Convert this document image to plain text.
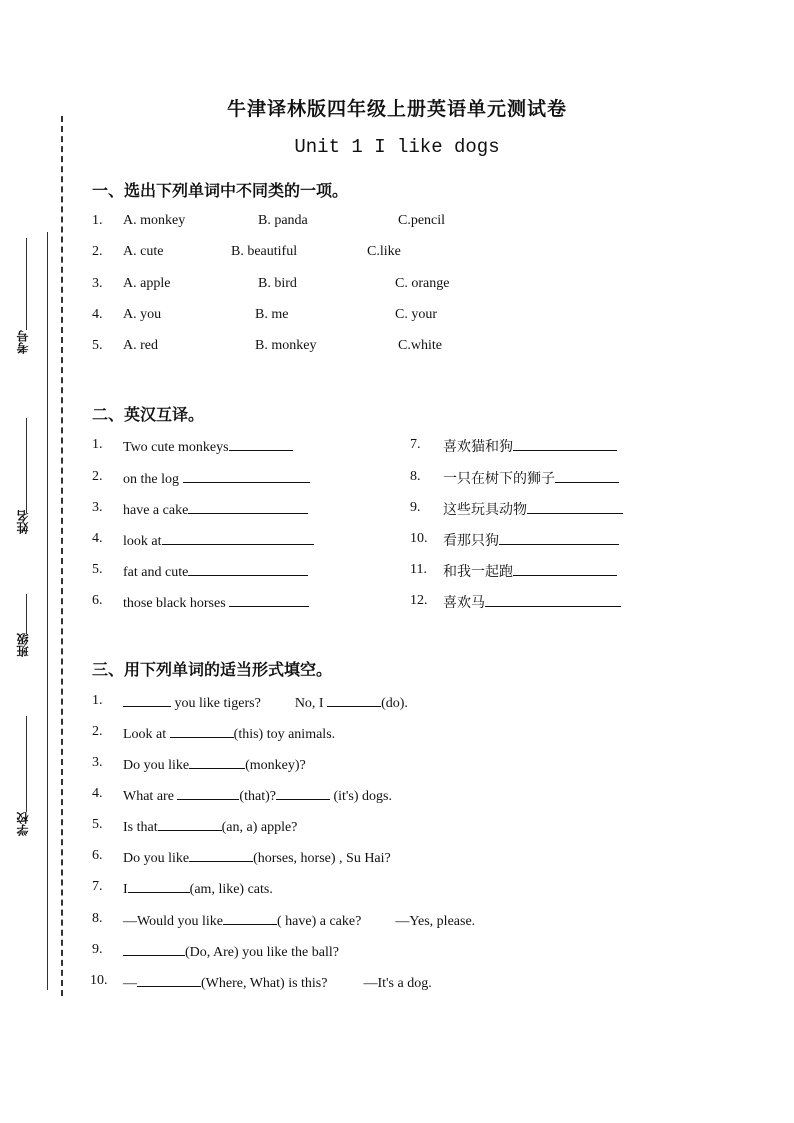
考号
姓名
班级
学校
牛津译林版四年级上册英语单元测试卷
Unit 1 I like dogs
一、选出下列单词中不同类的一项。
1. A. monkey	B. panda	C.pencil
2. A. cute	B. beautiful	C.like
3. A. apple	B. bird	C. orange
4. A. you	B. me	C. your
5. A. red	B. monkey	C.white
二、英汉互译。
1. Two cute monkeys
2. on the log
3. have a cake
4. look at
5. fat and cute
6. those black horses
7. 喜欢猫和狗
8. 一只在树下的狮子
9. 这些玩具动物
10. 看那只狗
11. 和我一起跑
12. 喜欢马
三、用下列单词的适当形式填空。
1.	you like tigers? No, I	(do).
2. Look at	(this) toy animals.
3. Do you like	(monkey)?
4. What are	(that)?	(it's) dogs.
5. Is that	(an, a) apple?
6. Do you like	(horses, horse) , Su Hai?
7. I	(am, like) cats.
8. —Would you like	( have) a cake? —Yes, please.
9.	(Do, Are) you like the ball?
10. —	(Where, What) is this?	—It's a dog.
